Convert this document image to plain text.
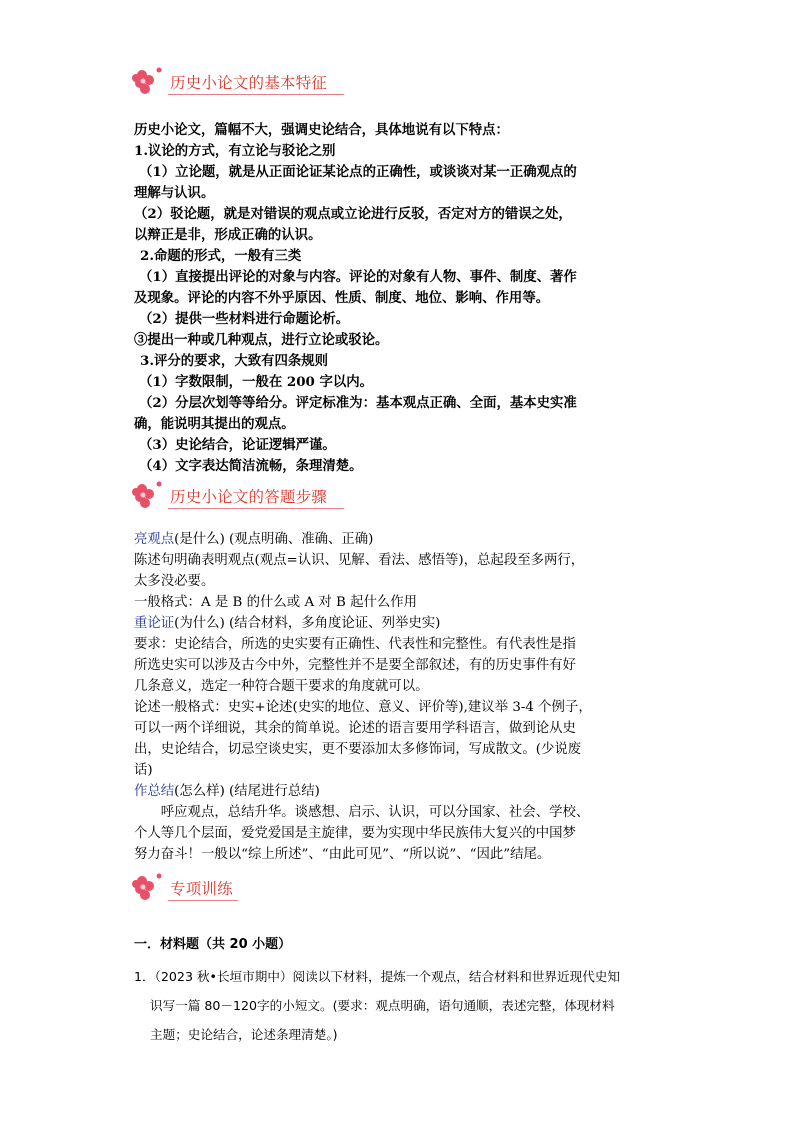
历史小论文的基本特征

历史小论文，篇幅不大，强调史论结合，具体地说有以下特点：

1.议论的方式，有立论与驳论之别

（1）立论题，就是从正面论证某论点的正确性，或谈谈对某一正确观点的

理解与认识。

（2）驳论题，就是对错误的观点或立论进行反驳，否定对方的错误之处，

以辩正是非，形成正确的认识。

2.命题的形式，一般有三类

（1）直接提出评论的对象与内容。评论的对象有人物、事件、制度、著作

及现象。评论的内容不外乎原因、性质、制度、地位、影响、作用等。

（2）提供一些材料进行命题论析。

③提出一种或几种观点，进行立论或驳论。

3.评分的要求，大致有四条规则

（1）字数限制，一般在 200 字以内。

（2）分层次划等等给分。评定标准为：基本观点正确、全面，基本史实准

确，能说明其提出的观点。

（3）史论结合，论证逻辑严谨。

（4）文字表达简洁流畅，条理清楚。

历史小论文的答题步骤

亮观点(是什么) (观点明确、准确、正确)

陈述句明确表明观点(观点=认识、见解、看法、感悟等)，总起段至多两行，

太多没必要。

一般格式：A 是 B 的什么或 A 对 B 起什么作用

重论证(为什么) (结合材料，多角度论证、列举史实)

要求：史论结合，所选的史实要有正确性、代表性和完整性。有代表性是指

所选史实可以涉及古今中外，完整性并不是要全部叙述，有的历史事件有好

几条意义，选定一种符合题干要求的角度就可以。

论述一般格式：史实+论述(史实的地位、意义、评价等),建议举 3-4 个例子，

可以一两个详细说，其余的简单说。论述的语言要用学科语言，做到论从史

出，史论结合，切忌空谈史实，更不要添加太多修饰词，写成散文。(少说废

话)

作总结(怎么样) (结尾进行总结)

　　呼应观点，总结升华。谈感想、启示、认识，可以分国家、社会、学校、

个人等几个层面，爱党爱国是主旋律，要为实现中华民族伟大复兴的中国梦

努力奋斗！一般以“综上所述”、“由此可见”、“所以说”、“因此”结尾。

专项训练

一．材料题（共 20 小题）

1．（2023 秋•长垣市期中）阅读以下材料，提炼一个观点，结合材料和世界近现代史知

识写一篇 80－120字的小短文。(要求：观点明确，语句通顺，表述完整，体现材料

主题；史论结合，论述条理清楚。)
